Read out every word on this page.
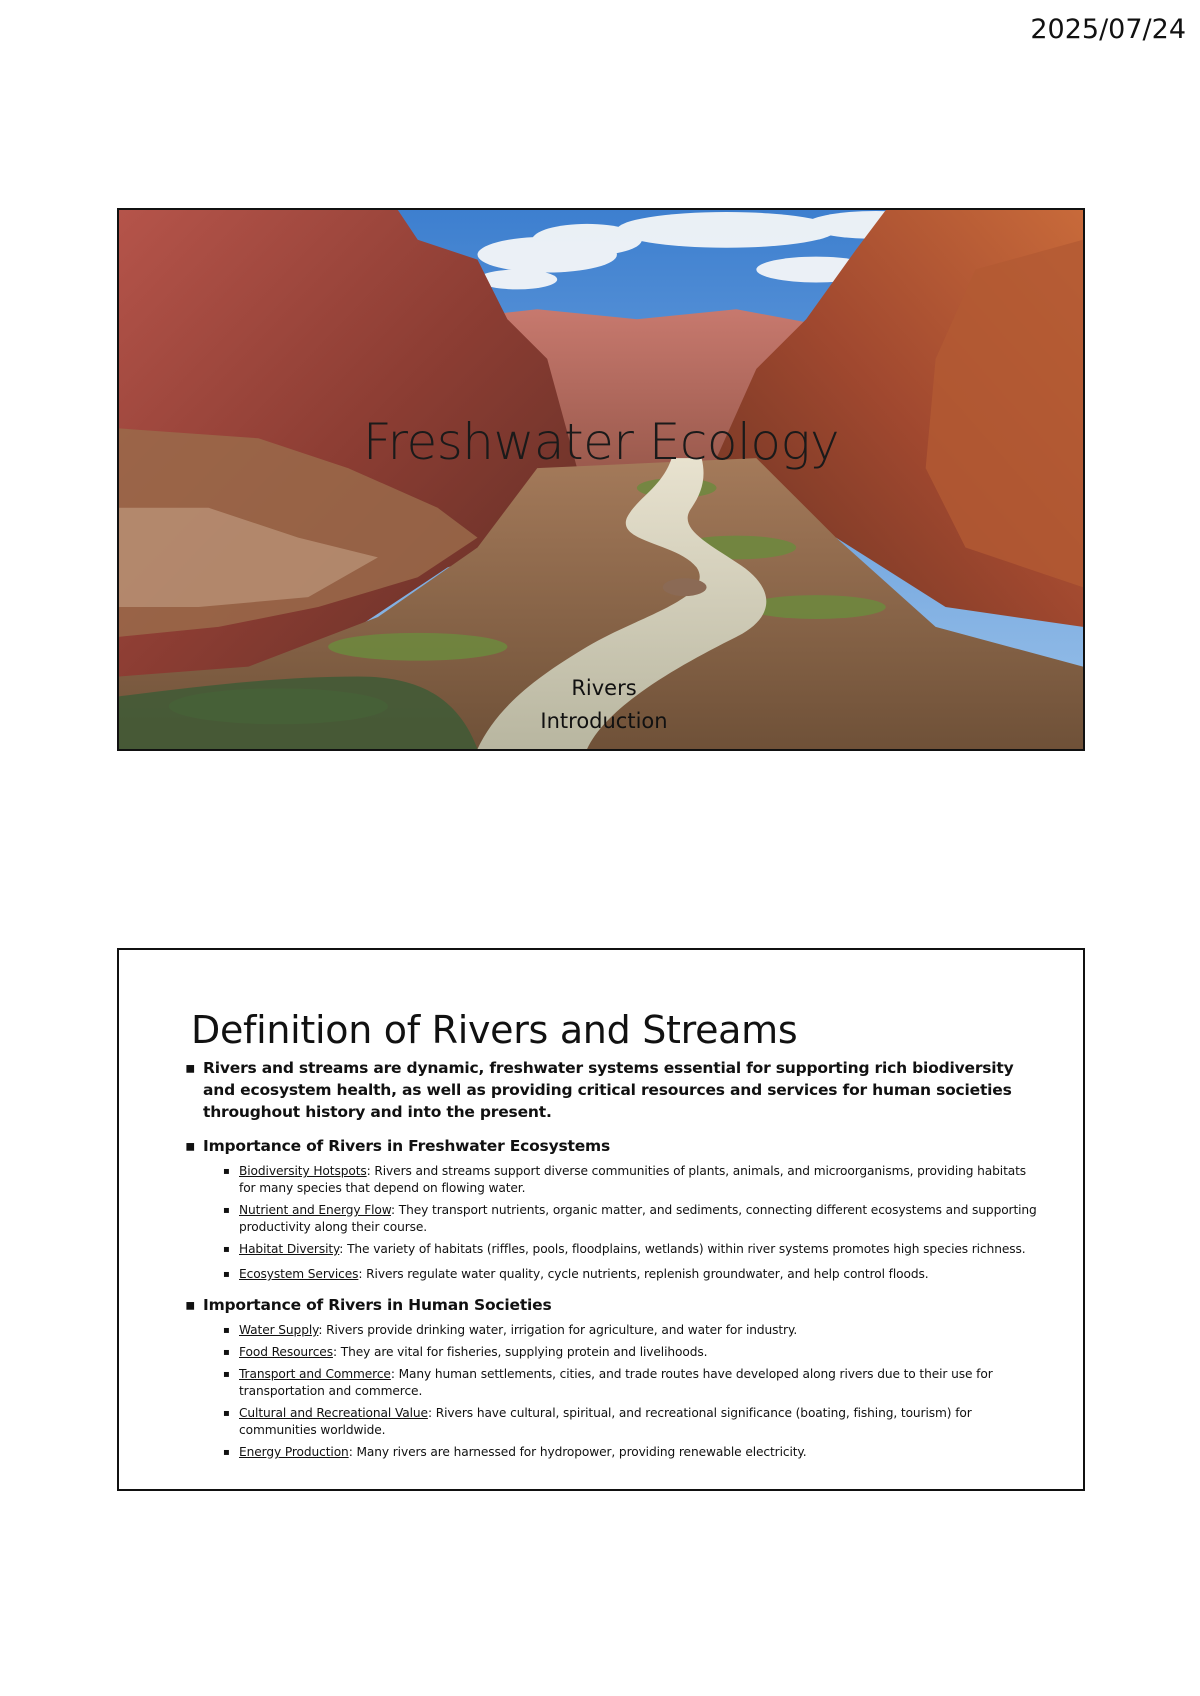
2025/07/24
Freshwater Ecology
Rivers
Introduction
Definition of Rivers and Streams
▪ Rivers and streams are dynamic, freshwater systems essential for supporting rich biodiversity and ecosystem health, as well as providing critical resources and services for human societies throughout history and into the present.
▪ Importance of Rivers in Freshwater Ecosystems
▪ Biodiversity Hotspots: Rivers and streams support diverse communities of plants, animals, and microorganisms, providing habitats for many species that depend on flowing water.
▪ Nutrient and Energy Flow: They transport nutrients, organic matter, and sediments, connecting different ecosystems and supporting productivity along their course.
▪ Habitat Diversity: The variety of habitats (riffles, pools, floodplains, wetlands) within river systems promotes high species richness.
▪ Ecosystem Services: Rivers regulate water quality, cycle nutrients, replenish groundwater, and help control floods.
▪ Importance of Rivers in Human Societies
▪ Water Supply: Rivers provide drinking water, irrigation for agriculture, and water for industry.
▪ Food Resources: They are vital for fisheries, supplying protein and livelihoods.
▪ Transport and Commerce: Many human settlements, cities, and trade routes have developed along rivers due to their use for transportation and commerce.
▪ Cultural and Recreational Value: Rivers have cultural, spiritual, and recreational significance (boating, fishing, tourism) for communities worldwide.
▪ Energy Production: Many rivers are harnessed for hydropower, providing renewable electricity.
